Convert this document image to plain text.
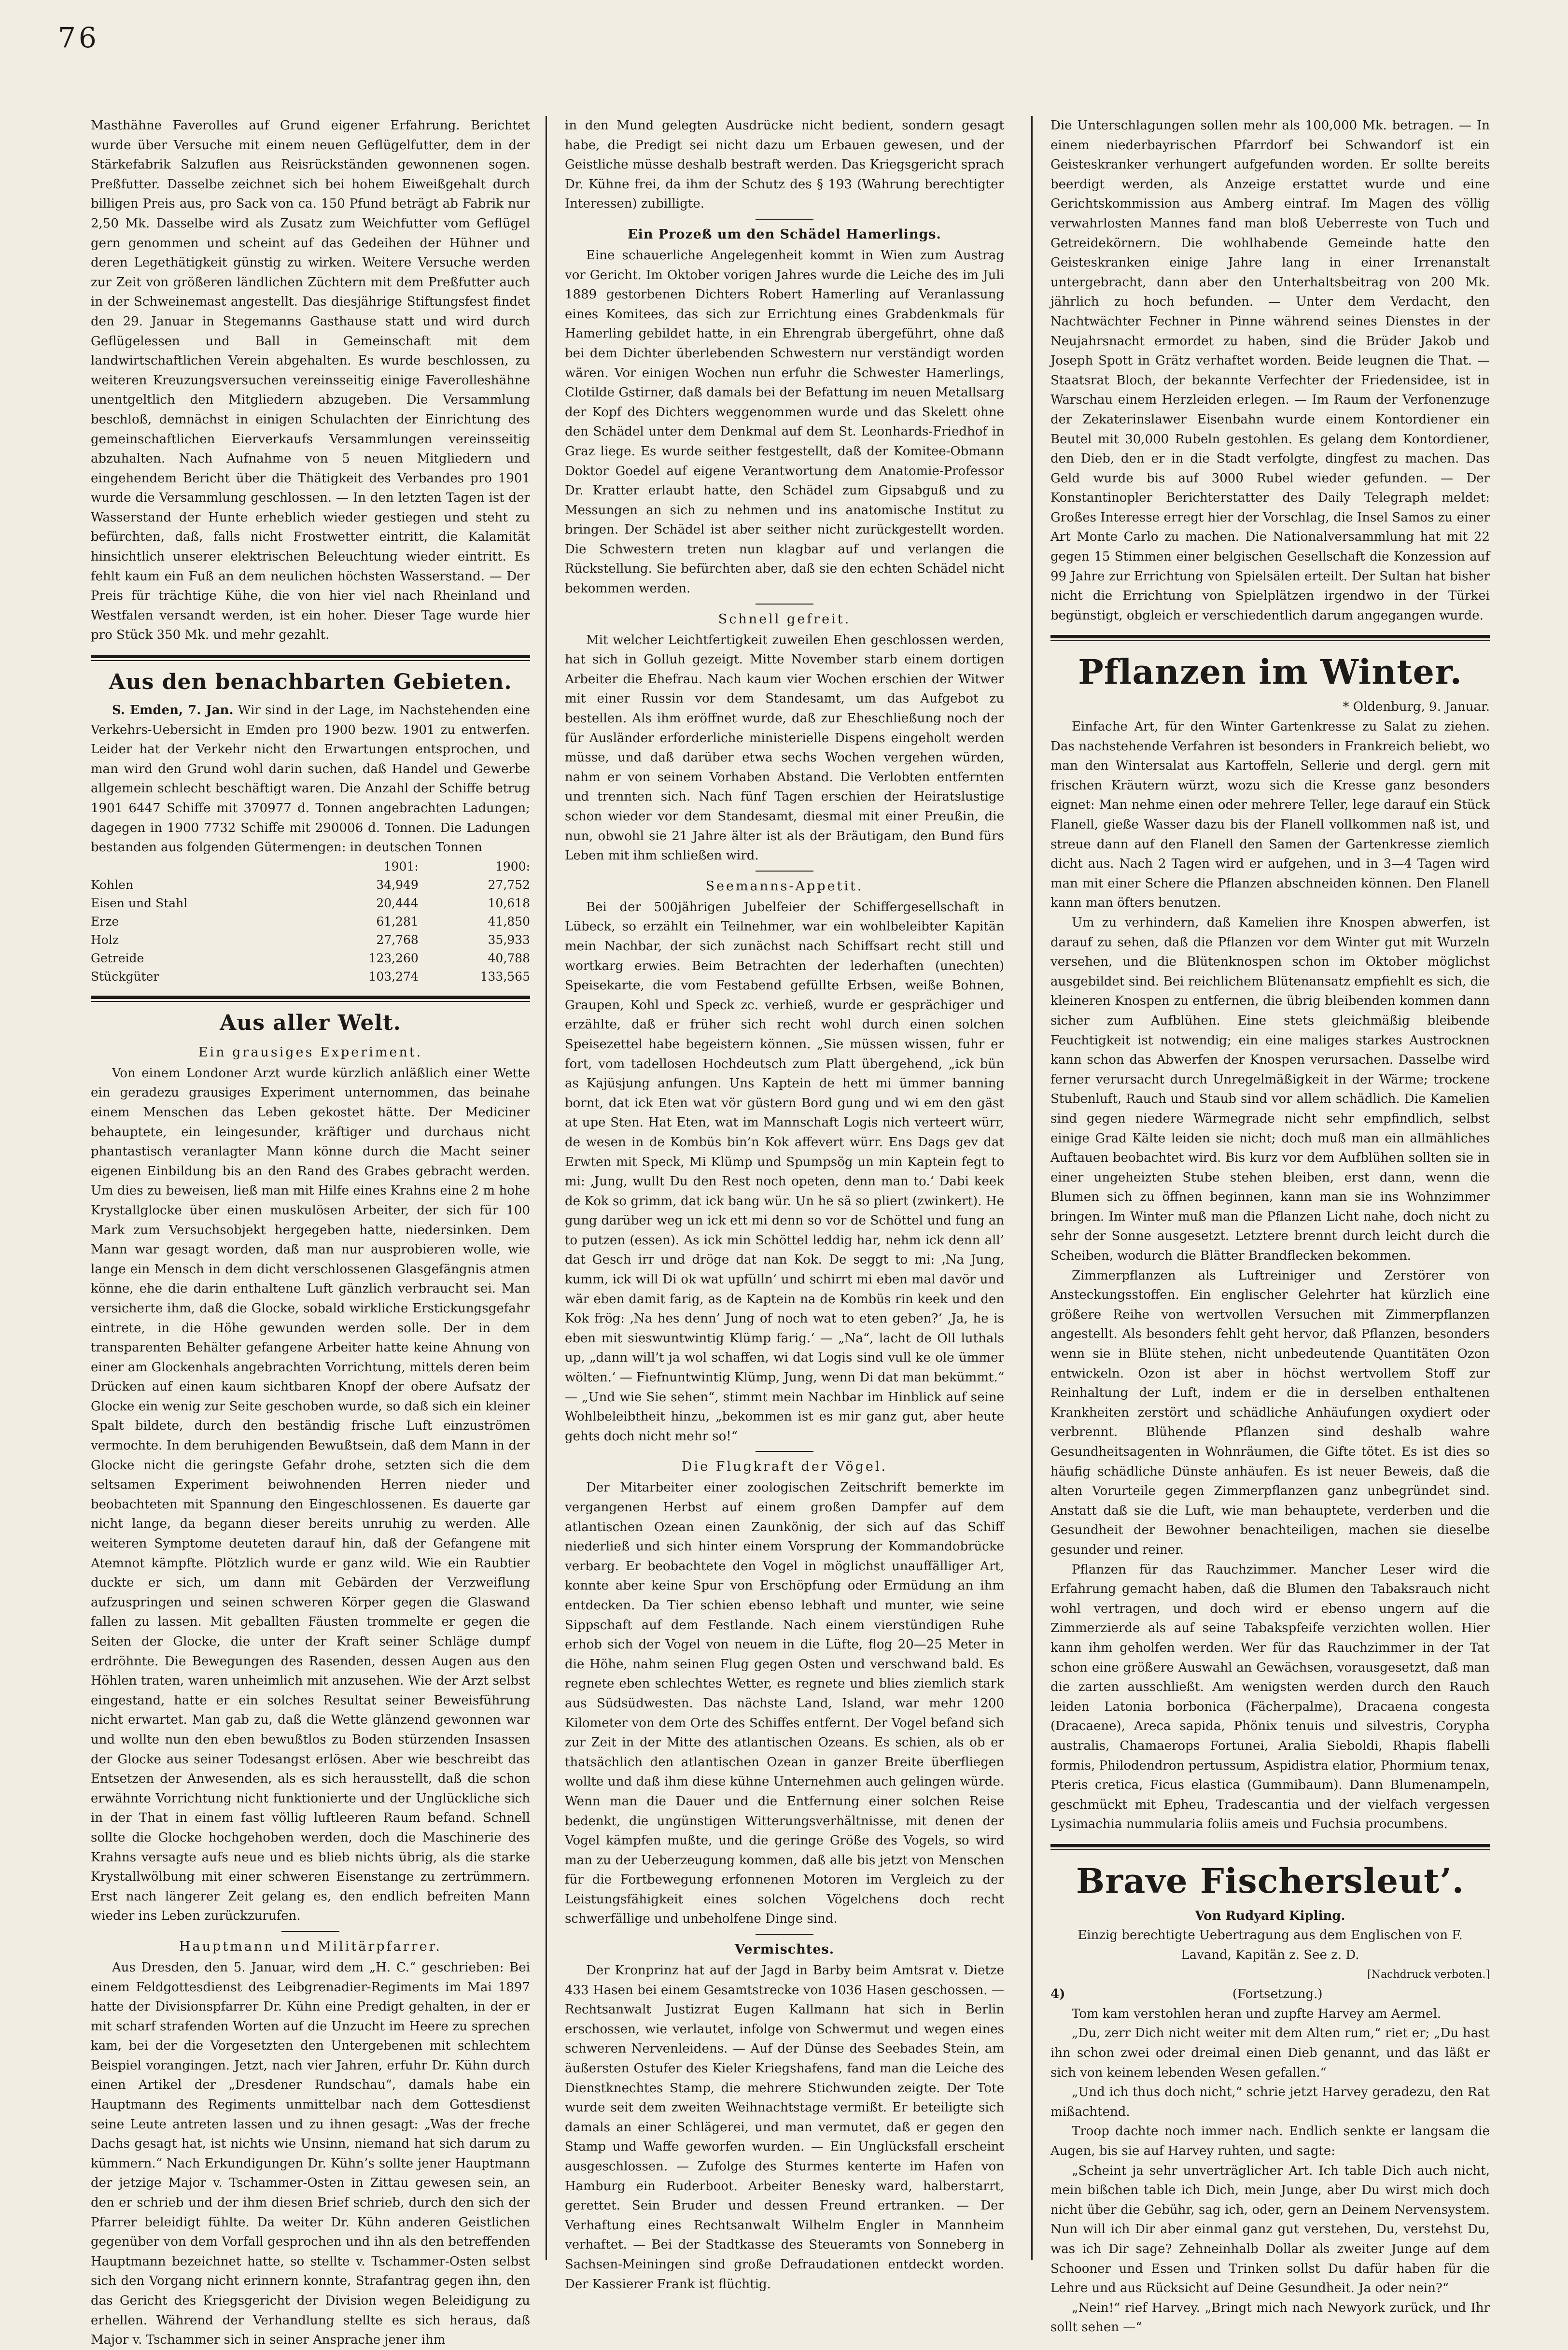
76

Masthähne Faverolles auf Grund eigener Erfahrung. Berichtet wurde über Versuche mit einem neuen Geflügelfutter, dem in der Stärkefabrik Salzuflen aus Reisrückständen gewonnenen sogen. Preßfutter. Dasselbe zeichnet sich bei hohem Eiweißgehalt durch billigen Preis aus, pro Sack von ca. 150 Pfund beträgt ab Fabrik nur 2,50 Mk. Dasselbe wird als Zusatz zum Weichfutter vom Geflügel gern genommen und scheint auf das Gedeihen der Hühner und deren Legethätigkeit günstig zu wirken. Weitere Versuche werden zur Zeit von größeren ländlichen Züchtern mit dem Preßfutter auch in der Schweinemast angestellt. Das diesjährige Stiftungsfest findet den 29. Januar in Stegemanns Gasthause statt und wird durch Geflügelessen und Ball in Gemeinschaft mit dem landwirtschaftlichen Verein abgehalten. Es wurde beschlossen, zu weiteren Kreuzungsversuchen vereinsseitig einige Faverolleshähne unentgeltlich den Mitgliedern abzugeben. Die Versammlung beschloß, demnächst in einigen Schulachten der Einrichtung des gemeinschaftlichen Eierverkaufs Versammlungen vereinsseitig abzuhalten. Nach Aufnahme von 5 neuen Mitgliedern und eingehendem Bericht über die Thätigkeit des Verbandes pro 1901 wurde die Versammlung geschlossen. — In den letzten Tagen ist der Wasserstand der Hunte erheblich wieder gestiegen und steht zu befürchten, daß, falls nicht Frostwetter eintritt, die Kalamität hinsichtlich unserer elektrischen Beleuchtung wieder eintritt. Es fehlt kaum ein Fuß an dem neulichen höchsten Wasserstand. — Der Preis für trächtige Kühe, die von hier viel nach Rheinland und Westfalen versandt werden, ist ein hoher. Dieser Tage wurde hier pro Stück 350 Mk. und mehr gezahlt.

Aus den benachbarten Gebieten.

S. Emden, 7. Jan. Wir sind in der Lage, im Nachstehenden eine Verkehrs-Uebersicht in Emden pro 1900 bezw. 1901 zu entwerfen. Leider hat der Verkehr nicht den Erwartungen entsprochen, und man wird den Grund wohl darin suchen, daß Handel und Gewerbe allgemein schlecht beschäftigt waren. Die Anzahl der Schiffe betrug 1901 6447 Schiffe mit 370977 d. Tonnen angebrachten Ladungen; dagegen in 1900 7732 Schiffe mit 290006 d. Tonnen. Die Ladungen bestanden aus folgenden Gütermengen: in deutschen Tonnen

	1901:	1900:
Kohlen	34,949	27,752
Eisen und Stahl	20,444	10,618
Erze	61,281	41,850
Holz	27,768	35,933
Getreide	123,260	40,788
Stückgüter	103,274	133,565
Aus aller Welt.
Ein grausiges Experiment.

Von einem Londoner Arzt wurde kürzlich anläßlich einer Wette ein geradezu grausiges Experiment unternommen, das beinahe einem Menschen das Leben gekostet hätte. Der Mediciner behauptete, ein leingesunder, kräftiger und durchaus nicht phantastisch veranlagter Mann könne durch die Macht seiner eigenen Einbildung bis an den Rand des Grabes gebracht werden. Um dies zu beweisen, ließ man mit Hilfe eines Krahns eine 2 m hohe Krystallglocke über einen muskulösen Arbeiter, der sich für 100 Mark zum Versuchsobjekt hergegeben hatte, niedersinken. Dem Mann war gesagt worden, daß man nur ausprobieren wolle, wie lange ein Mensch in dem dicht verschlossenen Glasgefängnis atmen könne, ehe die darin enthaltene Luft gänzlich verbraucht sei. Man versicherte ihm, daß die Glocke, sobald wirkliche Erstickungsgefahr eintrete, in die Höhe gewunden werden solle. Der in dem transparenten Behälter gefangene Arbeiter hatte keine Ahnung von einer am Glockenhals angebrachten Vorrichtung, mittels deren beim Drücken auf einen kaum sichtbaren Knopf der obere Aufsatz der Glocke ein wenig zur Seite geschoben wurde, so daß sich ein kleiner Spalt bildete, durch den beständig frische Luft einzuströmen vermochte. In dem beruhigenden Bewußtsein, daß dem Mann in der Glocke nicht die geringste Gefahr drohe, setzten sich die dem seltsamen Experiment beiwohnenden Herren nieder und beobachteten mit Spannung den Eingeschlossenen. Es dauerte gar nicht lange, da begann dieser bereits unruhig zu werden. Alle weiteren Symptome deuteten darauf hin, daß der Gefangene mit Atemnot kämpfte. Plötzlich wurde er ganz wild. Wie ein Raubtier duckte er sich, um dann mit Gebärden der Verzweiflung aufzuspringen und seinen schweren Körper gegen die Glaswand fallen zu lassen. Mit geballten Fäusten trommelte er gegen die Seiten der Glocke, die unter der Kraft seiner Schläge dumpf erdröhnte. Die Bewegungen des Rasenden, dessen Augen aus den Höhlen traten, waren unheimlich mit anzusehen. Wie der Arzt selbst eingestand, hatte er ein solches Resultat seiner Beweisführung nicht erwartet. Man gab zu, daß die Wette glänzend gewonnen war und wollte nun den eben bewußtlos zu Boden stürzenden Insassen der Glocke aus seiner Todesangst erlösen. Aber wie beschreibt das Entsetzen der Anwesenden, als es sich herausstellt, daß die schon erwähnte Vorrichtung nicht funktionierte und der Unglückliche sich in der That in einem fast völlig luftleeren Raum befand. Schnell sollte die Glocke hochgehoben werden, doch die Maschinerie des Krahns versagte aufs neue und es blieb nichts übrig, als die starke Krystallwölbung mit einer schweren Eisenstange zu zertrümmern. Erst nach längerer Zeit gelang es, den endlich befreiten Mann wieder ins Leben zurückzurufen.

Hauptmann und Militärpfarrer.

Aus Dresden, den 5. Januar, wird dem „H. C.“ geschrieben: Bei einem Feldgottesdienst des Leibgrenadier-Regiments im Mai 1897 hatte der Divisionspfarrer Dr. Kühn eine Predigt gehalten, in der er mit scharf strafenden Worten auf die Unzucht im Heere zu sprechen kam, bei der die Vorgesetzten den Untergebenen mit schlechtem Beispiel vorangingen. Jetzt, nach vier Jahren, erfuhr Dr. Kühn durch einen Artikel der „Dresdener Rundschau“, damals habe ein Hauptmann des Regiments unmittelbar nach dem Gottesdienst seine Leute antreten lassen und zu ihnen gesagt: „Was der freche Dachs gesagt hat, ist nichts wie Unsinn, niemand hat sich darum zu kümmern.“ Nach Erkundigungen Dr. Kühn’s sollte jener Hauptmann der jetzige Major v. Tschammer-Osten in Zittau gewesen sein, an den er schrieb und der ihm diesen Brief schrieb, durch den sich der Pfarrer beleidigt fühlte. Da weiter Dr. Kühn anderen Geistlichen gegenüber von dem Vorfall gesprochen und ihn als den betreffenden Hauptmann bezeichnet hatte, so stellte v. Tschammer-Osten selbst sich den Vorgang nicht erinnern konnte, Strafantrag gegen ihn, den das Gericht des Kriegsgericht der Division wegen Beleidigung zu erhellen. Während der Verhandlung stellte es sich heraus, daß Major v. Tschammer sich in seiner Ansprache jener ihm

in den Mund gelegten Ausdrücke nicht bedient, sondern gesagt habe, die Predigt sei nicht dazu um Erbauen gewesen, und der Geistliche müsse deshalb bestraft werden. Das Kriegsgericht sprach Dr. Kühne frei, da ihm der Schutz des § 193 (Wahrung berechtigter Interessen) zubilligte.

Ein Prozeß um den Schädel Hamerlings.

Eine schauerliche Angelegenheit kommt in Wien zum Austrag vor Gericht. Im Oktober vorigen Jahres wurde die Leiche des im Juli 1889 gestorbenen Dichters Robert Hamerling auf Veranlassung eines Komitees, das sich zur Errichtung eines Grabdenkmals für Hamerling gebildet hatte, in ein Ehrengrab übergeführt, ohne daß bei dem Dichter überlebenden Schwestern nur verständigt worden wären. Vor einigen Wochen nun erfuhr die Schwester Hamerlings, Clotilde Gstirner, daß damals bei der Befattung im neuen Metallsarg der Kopf des Dichters weggenommen wurde und das Skelett ohne den Schädel unter dem Denkmal auf dem St. Leonhards-Friedhof in Graz liege. Es wurde seither festgestellt, daß der Komitee-Obmann Doktor Goedel auf eigene Verantwortung dem Anatomie-Professor Dr. Kratter erlaubt hatte, den Schädel zum Gipsabguß und zu Messungen an sich zu nehmen und ins anatomische Institut zu bringen. Der Schädel ist aber seither nicht zurückgestellt worden. Die Schwestern treten nun klagbar auf und verlangen die Rückstellung. Sie befürchten aber, daß sie den echten Schädel nicht bekommen werden.

Schnell gefreit.

Mit welcher Leichtfertigkeit zuweilen Ehen geschlossen werden, hat sich in Golluh gezeigt. Mitte November starb einem dortigen Arbeiter die Ehefrau. Nach kaum vier Wochen erschien der Witwer mit einer Russin vor dem Standesamt, um das Aufgebot zu bestellen. Als ihm eröffnet wurde, daß zur Eheschließung noch der für Ausländer erforderliche ministerielle Dispens eingeholt werden müsse, und daß darüber etwa sechs Wochen vergehen würden, nahm er von seinem Vorhaben Abstand. Die Verlobten entfernten und trennten sich. Nach fünf Tagen erschien der Heiratslustige schon wieder vor dem Standesamt, diesmal mit einer Preußin, die nun, obwohl sie 21 Jahre älter ist als der Bräutigam, den Bund fürs Leben mit ihm schließen wird.

Seemanns-Appetit.

Bei der 500jährigen Jubelfeier der Schiffergesellschaft in Lübeck, so erzählt ein Teilnehmer, war ein wohlbeleibter Kapitän mein Nachbar, der sich zunächst nach Schiffsart recht still und wortkarg erwies. Beim Betrachten der lederhaften (unechten) Speisekarte, die vom Festabend gefüllte Erbsen, weiße Bohnen, Graupen, Kohl und Speck zc. verhieß, wurde er gesprächiger und erzählte, daß er früher sich recht wohl durch einen solchen Speisezettel habe begeistern können. „Sie müssen wissen, fuhr er fort, vom tadellosen Hochdeutsch zum Platt übergehend, „ick bün as Kajüsjung anfungen. Uns Kaptein de hett mi ümmer banning bornt, dat ick Eten wat vör güstern Bord gung und wi em den gäst at upe Sten. Hat Eten, wat im Mannschaft Logis nich verteert würr, de wesen in de Kombüs bin’n Kok affevert würr. Ens Dags gev dat Erwten mit Speck, Mi Klümp und Spumpsög un min Kaptein fegt to mi: ‚Jung, wullt Du den Rest noch opeten, denn man to.‘ Dabi keek de Kok so grimm, dat ick bang wür. Un he sä so pliert (zwinkert). He gung darüber weg un ick ett mi denn so vor de Schöttel und fung an to putzen (essen). As ick min Schöttel leddig har, nehm ick denn all’ dat Gesch irr und dröge dat nan Kok. De seggt to mi: ‚Na Jung, kumm, ick will Di ok wat upfülln‘ und schirrt mi eben mal davör und wär eben damit farig, as de Kaptein na de Kombüs rin keek und den Kok frög: ‚Na hes denn’ Jung of noch wat to eten geben?‘ ‚Ja, he is eben mit sieswuntwintig Klümp farig.‘ — „Na“, lacht de Oll luthals up, „dann will’t ja wol schaffen, wi dat Logis sind vull ke ole ümmer wölten.‘ — Fiefnuntwintig Klümp, Jung, wenn Di dat man bekümmt.“ — „Und wie Sie sehen“, stimmt mein Nachbar im Hinblick auf seine Wohlbeleibtheit hinzu, „bekommen ist es mir ganz gut, aber heute gehts doch nicht mehr so!“

Die Flugkraft der Vögel.

Der Mitarbeiter einer zoologischen Zeitschrift bemerkte im vergangenen Herbst auf einem großen Dampfer auf dem atlantischen Ozean einen Zaunkönig, der sich auf das Schiff niederließ und sich hinter einem Vorsprung der Kommandobrücke verbarg. Er beobachtete den Vogel in möglichst unauffälliger Art, konnte aber keine Spur von Erschöpfung oder Ermüdung an ihm entdecken. Da Tier schien ebenso lebhaft und munter, wie seine Sippschaft auf dem Festlande. Nach einem vierstündigen Ruhe erhob sich der Vogel von neuem in die Lüfte, flog 20—25 Meter in die Höhe, nahm seinen Flug gegen Osten und verschwand bald. Es regnete eben schlechtes Wetter, es regnete und blies ziemlich stark aus Südsüdwesten. Das nächste Land, Island, war mehr 1200 Kilometer von dem Orte des Schiffes entfernt. Der Vogel befand sich zur Zeit in der Mitte des atlantischen Ozeans. Es schien, als ob er thatsächlich den atlantischen Ozean in ganzer Breite überfliegen wollte und daß ihm diese kühne Unternehmen auch gelingen würde. Wenn man die Dauer und die Entfernung einer solchen Reise bedenkt, die ungünstigen Witterungsverhältnisse, mit denen der Vogel kämpfen mußte, und die geringe Größe des Vogels, so wird man zu der Ueberzeugung kommen, daß alle bis jetzt von Menschen für die Fortbewegung erfonnenen Motoren im Vergleich zu der Leistungsfähigkeit eines solchen Vögelchens doch recht schwerfällige und unbeholfene Dinge sind.

Vermischtes.

Der Kronprinz hat auf der Jagd in Barby beim Amtsrat v. Dietze 433 Hasen bei einem Gesamtstrecke von 1036 Hasen geschossen. — Rechtsanwalt Justizrat Eugen Kallmann hat sich in Berlin erschossen, wie verlautet, infolge von Schwermut und wegen eines schweren Nervenleidens. — Auf der Dünse des Seebades Stein, am äußersten Ostufer des Kieler Kriegshafens, fand man die Leiche des Dienstknechtes Stamp, die mehrere Stichwunden zeigte. Der Tote wurde seit dem zweiten Weihnachtstage vermißt. Er beteiligte sich damals an einer Schlägerei, und man vermutet, daß er gegen den Stamp und Waffe geworfen wurden. — Ein Unglücksfall erscheint ausgeschlossen. — Zufolge des Sturmes kenterte im Hafen von Hamburg ein Ruderboot. Arbeiter Benesky ward, halberstarrt, gerettet. Sein Bruder und dessen Freund ertranken. — Der Verhaftung eines Rechtsanwalt Wilhelm Engler in Mannheim verhaftet. — Bei der Stadtkasse des Steueramts von Sonneberg in Sachsen-Meiningen sind große Defraudationen entdeckt worden. Der Kassierer Frank ist flüchtig.

Die Unterschlagungen sollen mehr als 100,000 Mk. betragen. — In einem niederbayrischen Pfarrdorf bei Schwandorf ist ein Geisteskranker verhungert aufgefunden worden. Er sollte bereits beerdigt werden, als Anzeige erstattet wurde und eine Gerichtskommission aus Amberg eintraf. Im Magen des völlig verwahrlosten Mannes fand man bloß Ueberreste von Tuch und Getreidekörnern. Die wohlhabende Gemeinde hatte den Geisteskranken einige Jahre lang in einer Irrenanstalt untergebracht, dann aber den Unterhaltsbeitrag von 200 Mk. jährlich zu hoch befunden. — Unter dem Verdacht, den Nachtwächter Fechner in Pinne während seines Dienstes in der Neujahrsnacht ermordet zu haben, sind die Brüder Jakob und Joseph Spott in Grätz verhaftet worden. Beide leugnen die That. — Staatsrat Bloch, der bekannte Verfechter der Friedensidee, ist in Warschau einem Herzleiden erlegen. — Im Raum der Verfonenzuge der Zekaterinslawer Eisenbahn wurde einem Kontordiener ein Beutel mit 30,000 Rubeln gestohlen. Es gelang dem Kontordiener, den Dieb, den er in die Stadt verfolgte, dingfest zu machen. Das Geld wurde bis auf 3000 Rubel wieder gefunden. — Der Konstantinopler Berichterstatter des Daily Telegraph meldet: Großes Interesse erregt hier der Vorschlag, die Insel Samos zu einer Art Monte Carlo zu machen. Die Nationalversammlung hat mit 22 gegen 15 Stimmen einer belgischen Gesellschaft die Konzession auf 99 Jahre zur Errichtung von Spielsälen erteilt. Der Sultan hat bisher nicht die Errichtung von Spielplätzen irgendwo in der Türkei begünstigt, obgleich er verschiedentlich darum angegangen wurde.

Pflanzen im Winter.

* Oldenburg, 9. Januar.

Einfache Art, für den Winter Gartenkresse zu Salat zu ziehen. Das nachstehende Verfahren ist besonders in Frankreich beliebt, wo man den Wintersalat aus Kartoffeln, Sellerie und dergl. gern mit frischen Kräutern würzt, wozu sich die Kresse ganz besonders eignet: Man nehme einen oder mehrere Teller, lege darauf ein Stück Flanell, gieße Wasser dazu bis der Flanell vollkommen naß ist, und streue dann auf den Flanell den Samen der Gartenkresse ziemlich dicht aus. Nach 2 Tagen wird er aufgehen, und in 3—4 Tagen wird man mit einer Schere die Pflanzen abschneiden können. Den Flanell kann man öfters benutzen.

Um zu verhindern, daß Kamelien ihre Knospen abwerfen, ist darauf zu sehen, daß die Pflanzen vor dem Winter gut mit Wurzeln versehen, und die Blütenknospen schon im Oktober möglichst ausgebildet sind. Bei reichlichem Blütenansatz empfiehlt es sich, die kleineren Knospen zu entfernen, die übrig bleibenden kommen dann sicher zum Aufblühen. Eine stets gleichmäßig bleibende Feuchtigkeit ist notwendig; ein eine maliges starkes Austrocknen kann schon das Abwerfen der Knospen verursachen. Dasselbe wird ferner verursacht durch Unregelmäßigkeit in der Wärme; trockene Stubenluft, Rauch und Staub sind vor allem schädlich. Die Kamelien sind gegen niedere Wärmegrade nicht sehr empfindlich, selbst einige Grad Kälte leiden sie nicht; doch muß man ein allmähliches Auftauen beobachtet wird. Bis kurz vor dem Aufblühen sollten sie in einer ungeheizten Stube stehen bleiben, erst dann, wenn die Blumen sich zu öffnen beginnen, kann man sie ins Wohnzimmer bringen. Im Winter muß man die Pflanzen Licht nahe, doch nicht zu sehr der Sonne ausgesetzt. Letztere brennt durch leicht durch die Scheiben, wodurch die Blätter Brandflecken bekommen.

Zimmerpflanzen als Luftreiniger und Zerstörer von Ansteckungsstoffen. Ein englischer Gelehrter hat kürzlich eine größere Reihe von wertvollen Versuchen mit Zimmerpflanzen angestellt. Als besonders fehlt geht hervor, daß Pflanzen, besonders wenn sie in Blüte stehen, nicht unbedeutende Quantitäten Ozon entwickeln. Ozon ist aber in höchst wertvollem Stoff zur Reinhaltung der Luft, indem er die in derselben enthaltenen Krankheiten zerstört und schädliche Anhäufungen oxydiert oder verbrennt. Blühende Pflanzen sind deshalb wahre Gesundheitsagenten in Wohnräumen, die Gifte tötet. Es ist dies so häufig schädliche Dünste anhäufen. Es ist neuer Beweis, daß die alten Vorurteile gegen Zimmerpflanzen ganz unbegründet sind. Anstatt daß sie die Luft, wie man behauptete, verderben und die Gesundheit der Bewohner benachteiligen, machen sie dieselbe gesunder und reiner.

Pflanzen für das Rauchzimmer. Mancher Leser wird die Erfahrung gemacht haben, daß die Blumen den Tabaksrauch nicht wohl vertragen, und doch wird er ebenso ungern auf die Zimmerzierde als auf seine Tabakspfeife verzichten wollen. Hier kann ihm geholfen werden. Wer für das Rauchzimmer in der Tat schon eine größere Auswahl an Gewächsen, vorausgesetzt, daß man die zarten ausschließt. Am wenigsten werden durch den Rauch leiden Latonia borbonica (Fächerpalme), Dracaena congesta (Dracaene), Areca sapida, Phönix tenuis und silvestris, Corypha australis, Chamaerops Fortunei, Aralia Sieboldi, Rhapis flabelli formis, Philodendron pertussum, Aspidistra elatior, Phormium tenax, Pteris cretica, Ficus elastica (Gummibaum). Dann Blumenampeln, geschmückt mit Epheu, Tradescantia und der vielfach vergessen Lysimachia nummularia foliis ameis und Fuchsia procumbens.

Brave Fischersleut’.

Von Rudyard Kipling.

Einzig berechtigte Uebertragung aus dem Englischen von F. Lavand, Kapitän z. See z. D.

[Nachdruck verboten.]

4)	(Fortsetzung.)

Tom kam verstohlen heran und zupfte Harvey am Aermel.

„Du, zerr Dich nicht weiter mit dem Alten rum,“ riet er; „Du hast ihn schon zwei oder dreimal einen Dieb genannt, und das läßt er sich von keinem lebenden Wesen gefallen.“

„Und ich thus doch nicht,“ schrie jetzt Harvey geradezu, den Rat mißachtend.

Troop dachte noch immer nach. Endlich senkte er langsam die Augen, bis sie auf Harvey ruhten, und sagte:

„Scheint ja sehr unverträglicher Art. Ich table Dich auch nicht, mein bißchen table ich Dich, mein Junge, aber Du wirst mich doch nicht über die Gebühr, sag ich, oder, gern an Deinem Nervensystem. Nun will ich Dir aber einmal ganz gut verstehen, Du, verstehst Du, was ich Dir sage? Zehneinhalb Dollar als zweiter Junge auf dem Schooner und Essen und Trinken sollst Du dafür haben für die Lehre und aus Rücksicht auf Deine Gesundheit. Ja oder nein?“

„Nein!“ rief Harvey. „Bringt mich nach Newyork zurück, und Ihr sollt sehen —“
